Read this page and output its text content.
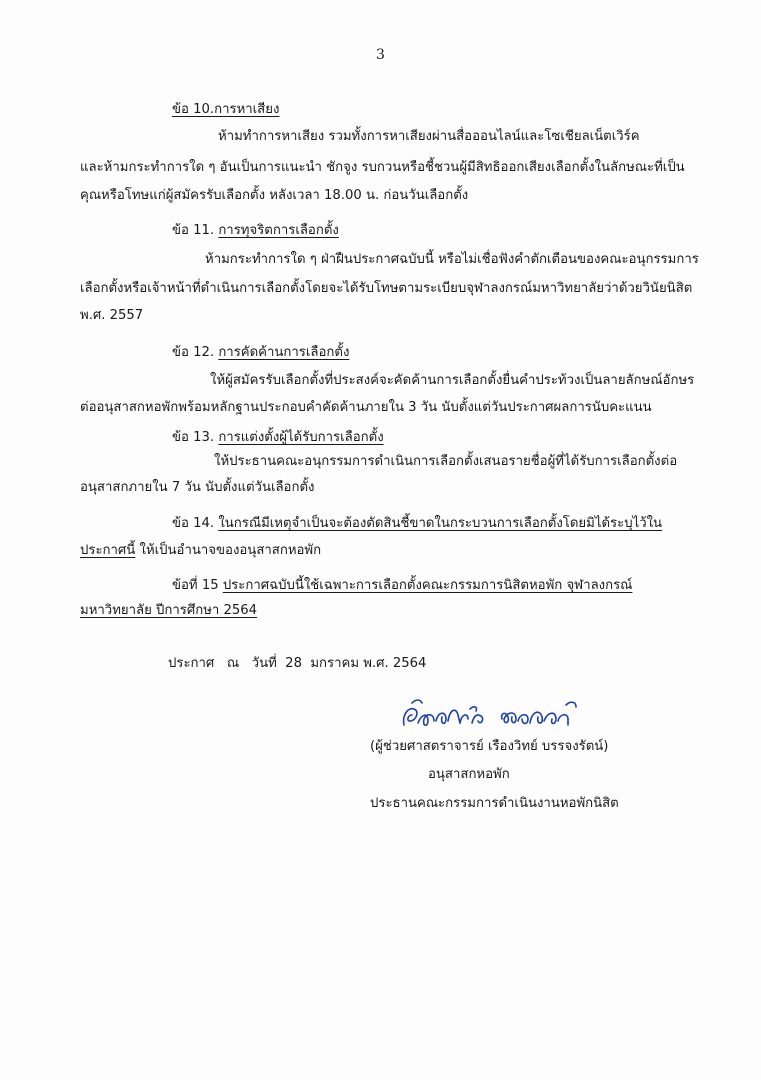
3
ข้อ 10.การหาเสียง
ห้ามทำการหาเสียง รวมทั้งการหาเสียงผ่านสื่อออนไลน์และโซเชียลเน็ตเวิร์ค
และห้ามกระทำการใด ๆ อันเป็นการแนะนำ ชักจูง รบกวนหรือชี้ชวนผู้มีสิทธิออกเสียงเลือกตั้งในลักษณะที่เป็น
คุณหรือโทษแก่ผู้สมัครรับเลือกตั้ง หลังเวลา 18.00 น. ก่อนวันเลือกตั้ง
ข้อ 11. การทุจริตการเลือกตั้ง
ห้ามกระทำการใด ๆ ฝ่าฝืนประกาศฉบับนี้ หรือไม่เชื่อฟังคำตักเตือนของคณะอนุกรรมการ
เลือกตั้งหรือเจ้าหน้าที่ดำเนินการเลือกตั้งโดยจะได้รับโทษตามระเบียบจุฬาลงกรณ์มหาวิทยาลัยว่าด้วยวินัยนิสิต
พ.ศ. 2557
ข้อ 12. การคัดค้านการเลือกตั้ง
ให้ผู้สมัครรับเลือกตั้งที่ประสงค์จะคัดค้านการเลือกตั้งยื่นคำประท้วงเป็นลายลักษณ์อักษร
ต่ออนุสาสกหอพักพร้อมหลักฐานประกอบคำคัดค้านภายใน 3 วัน นับตั้งแต่วันประกาศผลการนับคะแนน
ข้อ 13. การแต่งตั้งผู้ได้รับการเลือกตั้ง
ให้ประธานคณะอนุกรรมการดำเนินการเลือกตั้งเสนอรายชื่อผู้ที่ได้รับการเลือกตั้งต่อ
อนุสาสกภายใน 7 วัน นับตั้งแต่วันเลือกตั้ง
ข้อ 14. ในกรณีมีเหตุจำเป็นจะต้องตัดสินชี้ขาดในกระบวนการเลือกตั้งโดยมิได้ระบุไว้ใน
ประกาศนี้ ให้เป็นอำนาจของอนุสาสกหอพัก
ข้อที่ 15 ประกาศฉบับนี้ใช้เฉพาะการเลือกตั้งคณะกรรมการนิสิตหอพัก จุฬาลงกรณ์
มหาวิทยาลัย ปีการศึกษา 2564
ประกาศ   ณ   วันที่  28  มกราคม พ.ศ. 2564
(ผู้ช่วยศาสตราจารย์ เรืองวิทย์ บรรจงรัตน์)
อนุสาสกหอพัก
ประธานคณะกรรมการดำเนินงานหอพักนิสิต
